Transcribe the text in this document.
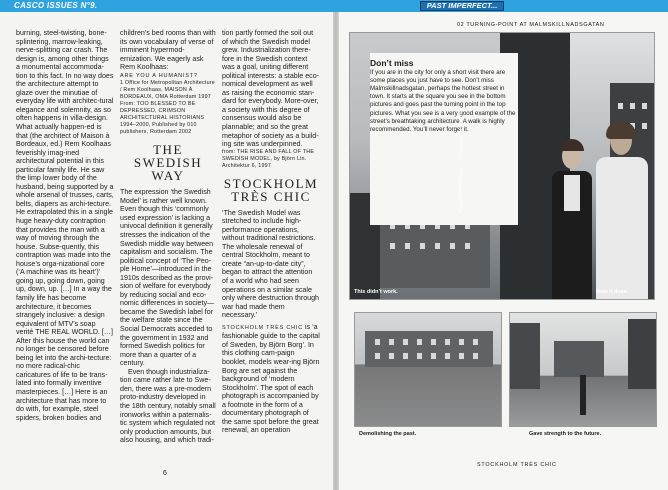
CASCO ISSUES N°9.	PAST IMPERFECT...

burning, steel-twisting, bone-splintering, marrow-leaking, nerve-splitting car crash. The design is, among other things a monumental accommoda-tion to this fact. In no way does the architecture attempt to glaze over the minutiae of everyday life with architec-tural elegance and solemnity, as so often happens in villa-design. What actually happen-ed is that (the architect of Maison à Bordeaux, ed.) Rem Koolhaas feverishly imag-ined architectural potential in this particular family life. He saw the limp lower body of the husband, being supported by a whole arsenal of trusses, carts, belts, diapers as archi-tecture. He extrapolated this in a single huge heavy-duty contraption that provides the man with a way of moving through the house. Subse-quently, this contraption was made into the house’s orga-nizational core (‘A machine was its heart’)’ going up, going down, going up, down, up. […] In a way the family life has become architecture, it becomes strangely inclusive: a design equivalent of MTV’s soap verité THE REAL WORLD. […] After this house the world can no longer be censored before being let into the archi-tecture: no more radical-chic caricatures of life to be trans-lated into formally inventive masterpieces. […] Here is an architecture that has more to do with, for example, steel spiders, broken bodies and

children’s bed rooms than with its own vocabulary of verse of imminent hypermod-ernization. We eagerly ask Rem Koolhaas:

ARE YOU A HUMANIST?

1 Office for Metropolitan Architecture / Rem Koolhaas, MAISON À BORDEAUX, OMA Rotterdam 1997

From: TOO BLESSED TO BE DEPRESSED, CRIMSON ARCHITECTURAL HISTORIANS 1994–2000, Published by 010 publishers, Rotterdam 2002

THE SWEDISH
WAY

The expression ‘the Swedish Model’ is rather well known. Even though this ‘commonly used expression’ is lacking a univocal definition it generally stresses the indication of the Swedish middle way between capitalism and socialism. The political concept of ‘The Peo-ple Home’—introduced in the 1910s described as the provi-sion of welfare for everybody by reducing social and eco-nomic differences in society—became the Swedish label for the welfare state since the Social Democrats acceded to the government in 1932 and formed Swedish politics for more than a quarter of a century.

Even though industrializa-tion came rather late to Swe-den, there was a pre-modern proto-industry developed in the 18th century, notably small ironworks within a paternalis-tic system which regulated not only production amounts, but also housing, and which tradi-

tion partly formed the soil out of which the Swedish model grew. Industrialization there-fore in the Swedish context was a goal, uniting different political interests: a stable eco-nomical development as well as raising the economic stan-dard for everybody. More-over, a society with this degree of consensus would also be plannable; and so the great metaphor of society as a build-ing site was underpinned.

from: THE RISE AND FALL OF THE SWEDISH MODEL, by Björn Lin. Architektur 6, 1997

STOCKHOLM
TRÈS CHIC

‘The Swedish Model was stretched to include high-performance operations, without traditional restrictions. The wholesale renewal of central Stockholm, meant to create “an-up-to-date city”, began to attract the attention of a world who had seen operations on a similar scale only where destruction through war had made them necessary.’

STOCKHOLM TRÈS CHIC is ‘a fashionable guide to the capital of Sweden, by Björn Borg’. In this clothing cam-paign booklet, models wear-ing Björn Borg are set against the background of ‘modern Stockholm’. The spot of each photograph is accompanied by a footnote in the form of a documentary photograph of the same spot before the great renewal, an operation

6
02 TURNING-POINT AT MALMSKILLNADSGATAN
This didn’t work.	Now it does.
Don’t miss

If you are in the city for only a short visit there are some places you just have to see. Don’t miss Malmskillnadsgatan, perhaps the hottest street in town. It starts at the square you see in the bottom pictures and goes past the turning point in the top pictures. What you see is a very good example of the street’s breathtaking architecture. A walk is highly recommended. You’ll never forget it.

PHOTOGRAPHED BY ... / STOCKHOLM ARCHIVE
Demolishing the past.	Gave strength to the future.
STOCKHOLM TRÈS CHIC
